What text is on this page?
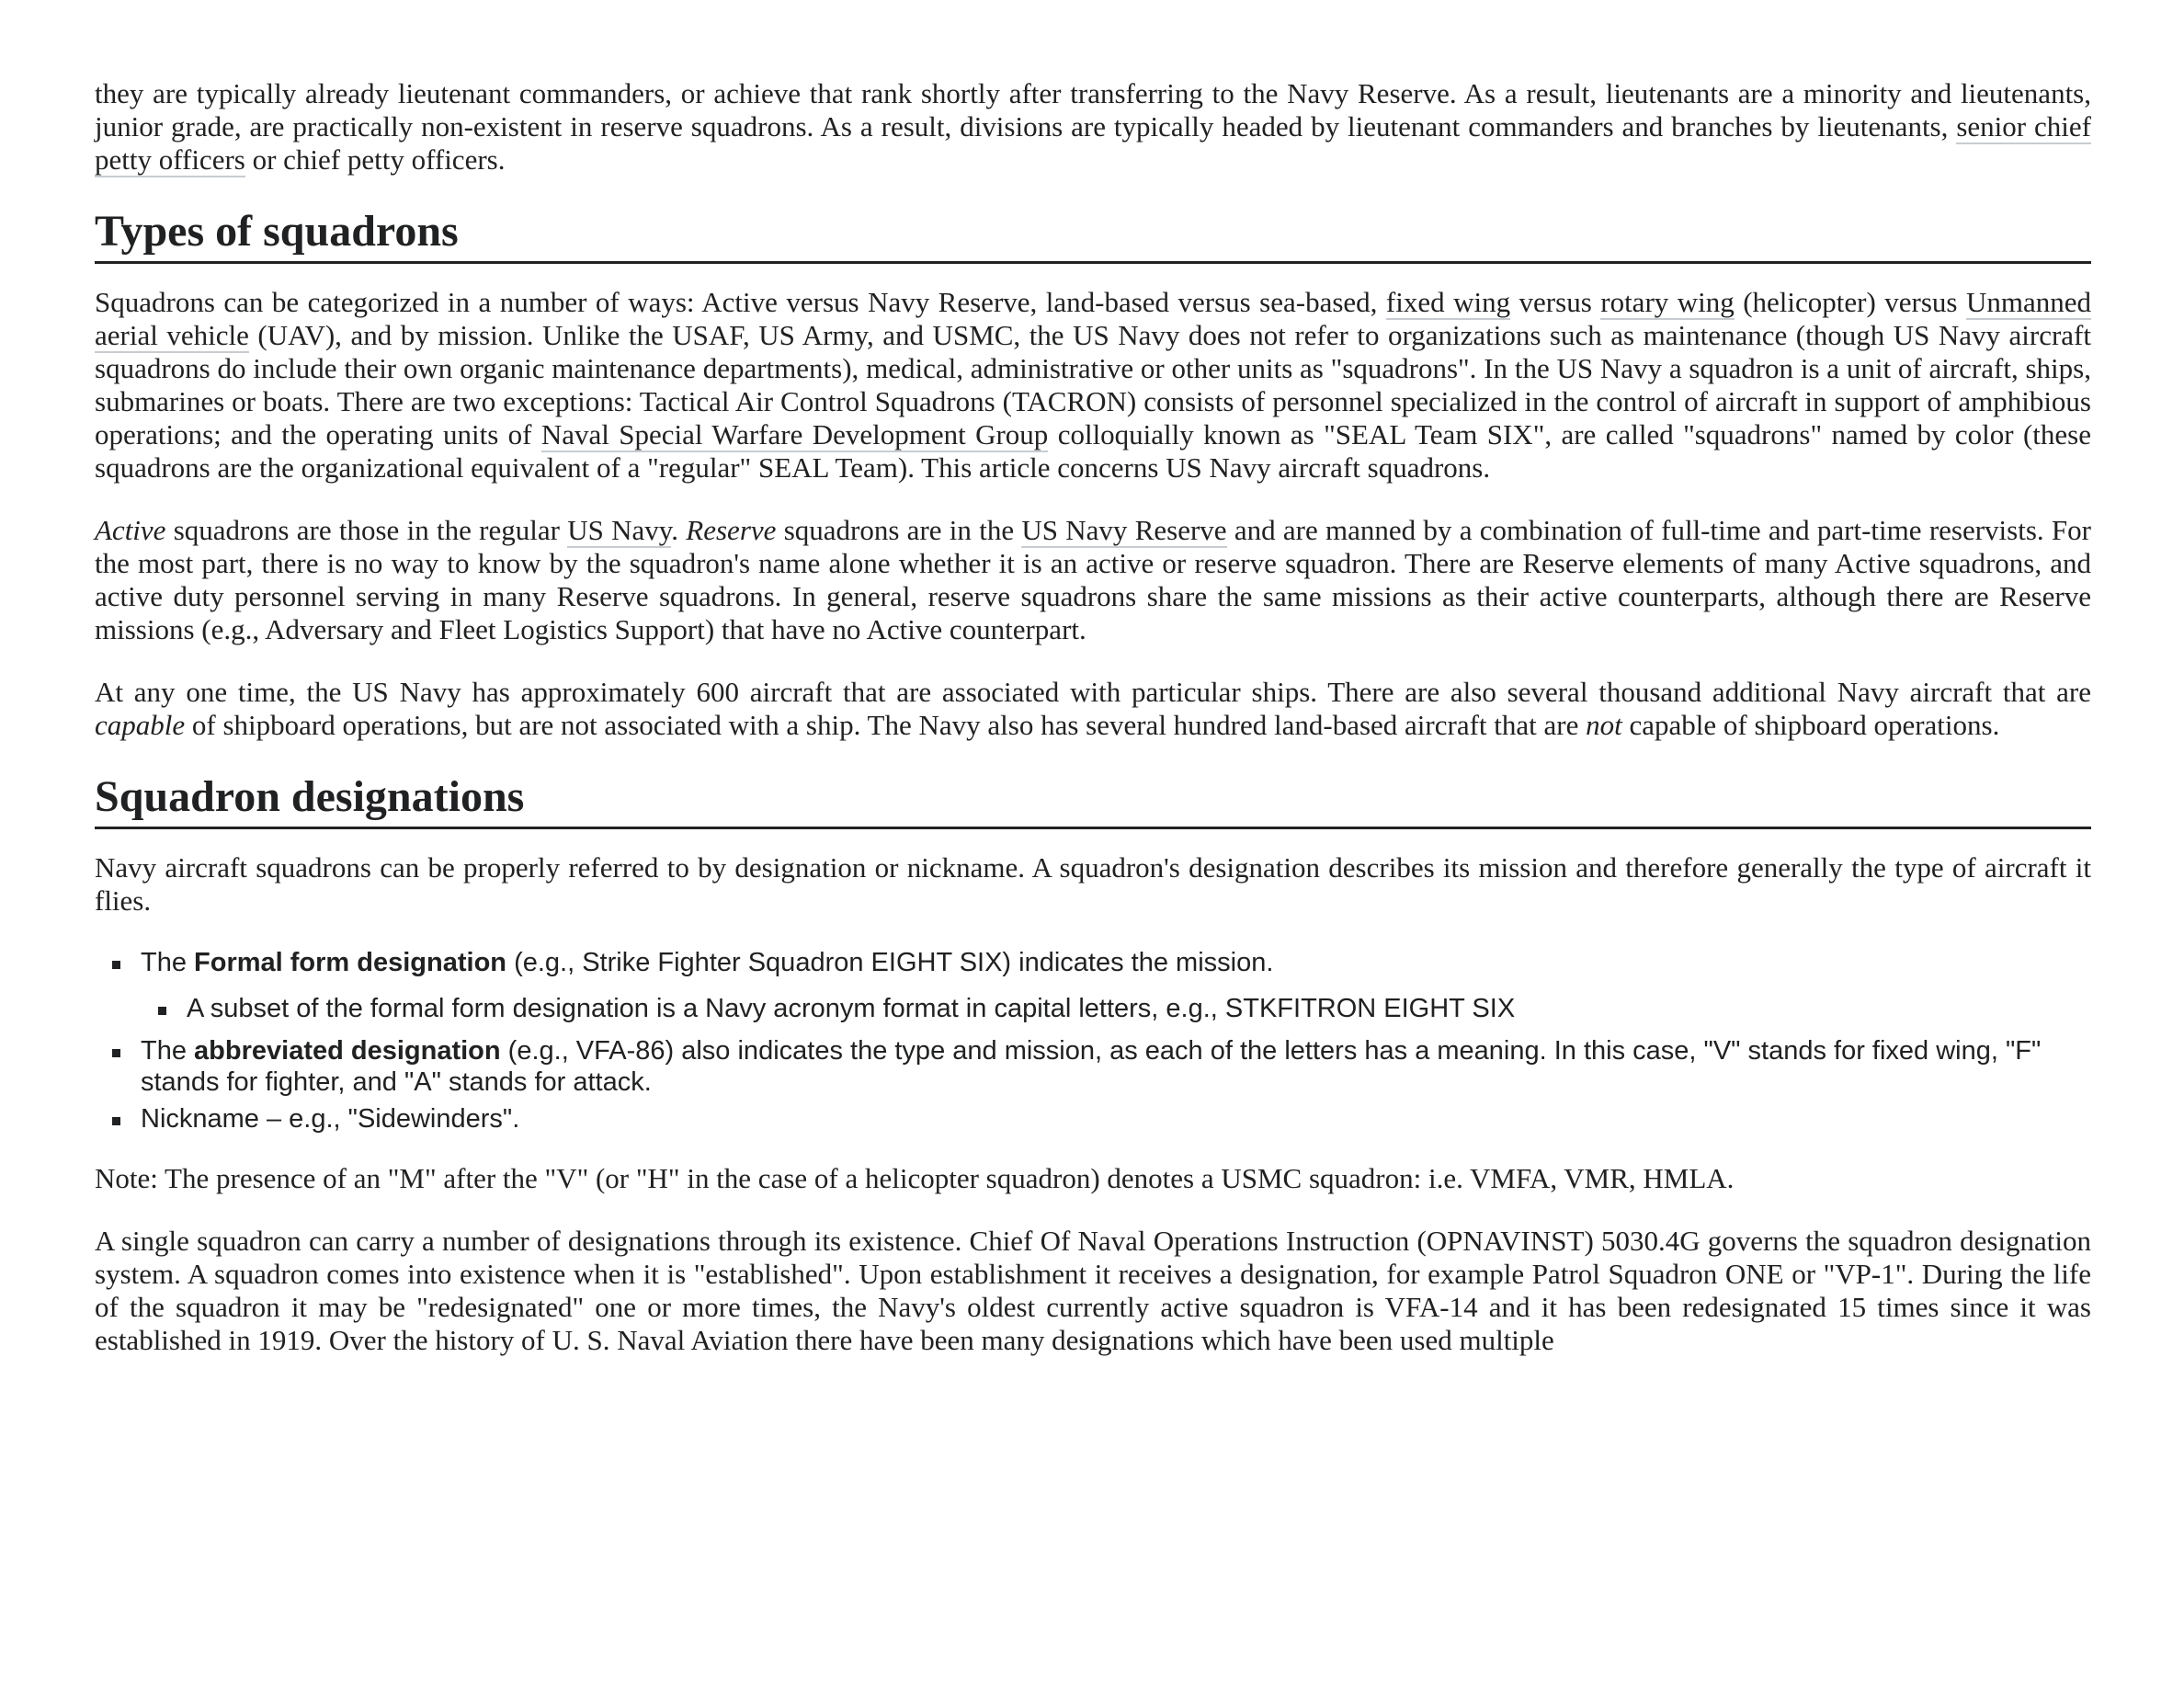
they are typically already lieutenant commanders, or achieve that rank shortly after transferring to the Navy Reserve. As a result, lieutenants are a minority and lieutenants, junior grade, are practically non-existent in reserve squadrons. As a result, divisions are typically headed by lieutenant commanders and branches by lieutenants, senior chief petty officers or chief petty officers.

Types of squadrons

Squadrons can be categorized in a number of ways: Active versus Navy Reserve, land-based versus sea-based, fixed wing versus rotary wing (helicopter) versus Unmanned aerial vehicle (UAV), and by mission. Unlike the USAF, US Army, and USMC, the US Navy does not refer to organizations such as maintenance (though US Navy aircraft squadrons do include their own organic maintenance departments), medical, administrative or other units as "squadrons". In the US Navy a squadron is a unit of aircraft, ships, submarines or boats. There are two exceptions: Tactical Air Control Squadrons (TACRON) consists of personnel specialized in the control of aircraft in support of amphibious operations; and the operating units of Naval Special Warfare Development Group colloquially known as "SEAL Team SIX", are called "squadrons" named by color (these squadrons are the organizational equivalent of a "regular" SEAL Team). This article concerns US Navy aircraft squadrons.

Active squadrons are those in the regular US Navy. Reserve squadrons are in the US Navy Reserve and are manned by a combination of full-time and part-time reservists. For the most part, there is no way to know by the squadron's name alone whether it is an active or reserve squadron. There are Reserve elements of many Active squadrons, and active duty personnel serving in many Reserve squadrons. In general, reserve squadrons share the same missions as their active counterparts, although there are Reserve missions (e.g., Adversary and Fleet Logistics Support) that have no Active counterpart.

At any one time, the US Navy has approximately 600 aircraft that are associated with particular ships. There are also several thousand additional Navy aircraft that are capable of shipboard operations, but are not associated with a ship. The Navy also has several hundred land-based aircraft that are not capable of shipboard operations.

Squadron designations

Navy aircraft squadrons can be properly referred to by designation or nickname. A squadron's designation describes its mission and therefore generally the type of aircraft it flies.

The Formal form designation (e.g., Strike Fighter Squadron EIGHT SIX) indicates the mission.
A subset of the formal form designation is a Navy acronym format in capital letters, e.g., STKFITRON EIGHT SIX
The abbreviated designation (e.g., VFA-86) also indicates the type and mission, as each of the letters has a meaning. In this case, "V" stands for fixed wing, "F" stands for fighter, and "A" stands for attack.
Nickname – e.g., "Sidewinders".

Note: The presence of an "M" after the "V" (or "H" in the case of a helicopter squadron) denotes a USMC squadron: i.e. VMFA, VMR, HMLA.

A single squadron can carry a number of designations through its existence. Chief Of Naval Operations Instruction (OPNAVINST) 5030.4G governs the squadron designation system. A squadron comes into existence when it is "established". Upon establishment it receives a designation, for example Patrol Squadron ONE or "VP-1". During the life of the squadron it may be "redesignated" one or more times, the Navy's oldest currently active squadron is VFA-14 and it has been redesignated 15 times since it was established in 1919. Over the history of U. S. Naval Aviation there have been many designations which have been used multiple
